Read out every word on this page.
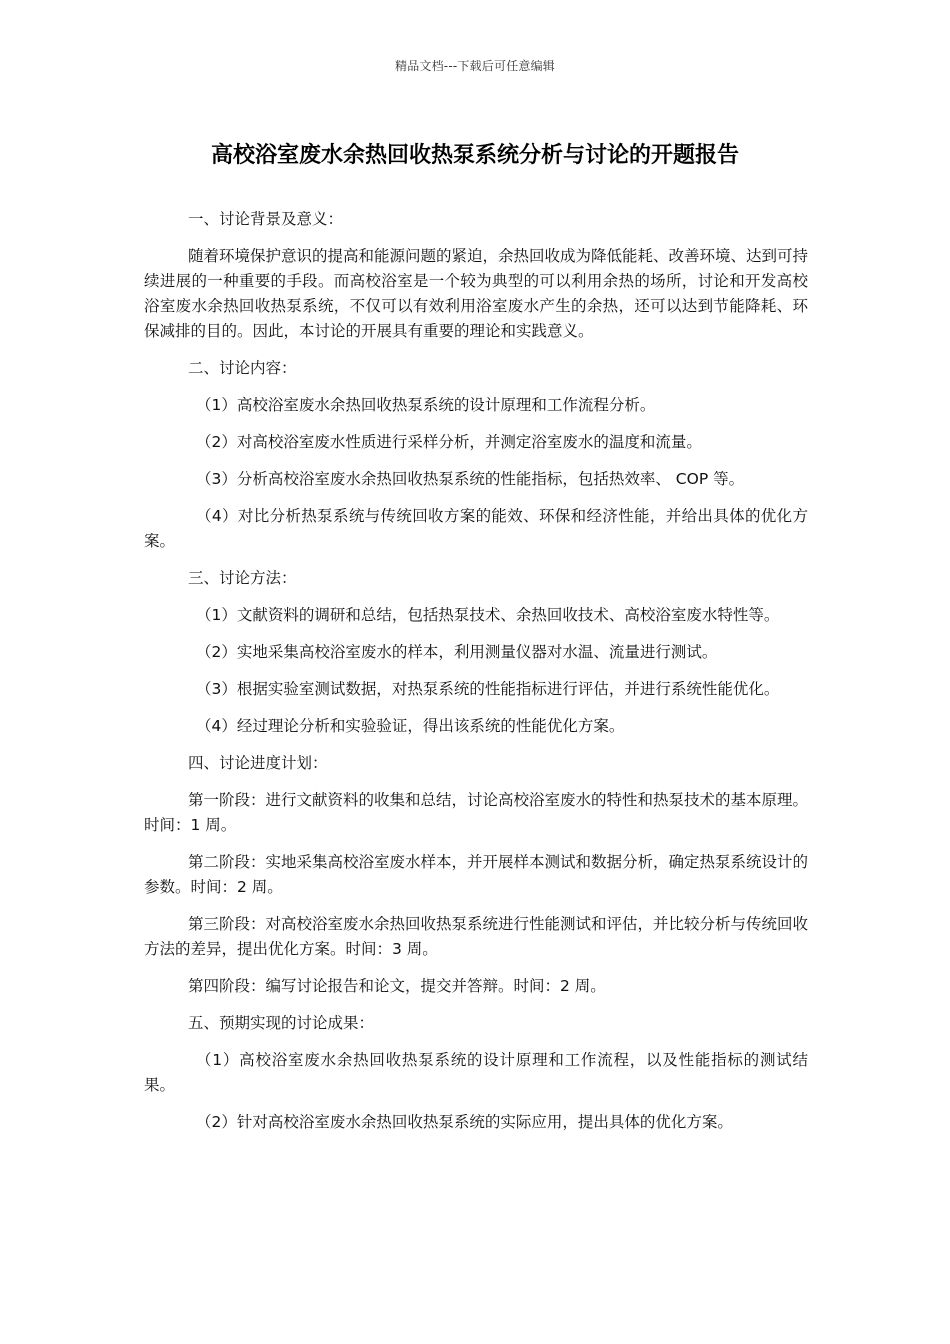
精品文档---下载后可任意编辑
高校浴室废水余热回收热泵系统分析与讨论的开题报告

一、讨论背景及意义：

随着环境保护意识的提高和能源问题的紧迫，余热回收成为降低能耗、改善环境、达到可持续进展的一种重要的手段。而高校浴室是一个较为典型的可以利用余热的场所，讨论和开发高校浴室废水余热回收热泵系统，不仅可以有效利用浴室废水产生的余热，还可以达到节能降耗、环保减排的目的。因此，本讨论的开展具有重要的理论和实践意义。

二、讨论内容：

（1）高校浴室废水余热回收热泵系统的设计原理和工作流程分析。

（2）对高校浴室废水性质进行采样分析，并测定浴室废水的温度和流量。

（3）分析高校浴室废水余热回收热泵系统的性能指标，包括热效率、 COP 等。

（4）对比分析热泵系统与传统回收方案的能效、环保和经济性能，并给出具体的优化方案。

三、讨论方法：

（1）文献资料的调研和总结，包括热泵技术、余热回收技术、高校浴室废水特性等。

（2）实地采集高校浴室废水的样本，利用测量仪器对水温、流量进行测试。

（3）根据实验室测试数据，对热泵系统的性能指标进行评估，并进行系统性能优化。

（4）经过理论分析和实验验证，得出该系统的性能优化方案。

四、讨论进度计划：

第一阶段：进行文献资料的收集和总结，讨论高校浴室废水的特性和热泵技术的基本原理。时间：1 周。

第二阶段：实地采集高校浴室废水样本，并开展样本测试和数据分析，确定热泵系统设计的参数。时间：2 周。

第三阶段：对高校浴室废水余热回收热泵系统进行性能测试和评估，并比较分析与传统回收方法的差异，提出优化方案。时间：3 周。

第四阶段：编写讨论报告和论文，提交并答辩。时间：2 周。

五、预期实现的讨论成果：

（1）高校浴室废水余热回收热泵系统的设计原理和工作流程，以及性能指标的测试结果。

（2）针对高校浴室废水余热回收热泵系统的实际应用，提出具体的优化方案。
